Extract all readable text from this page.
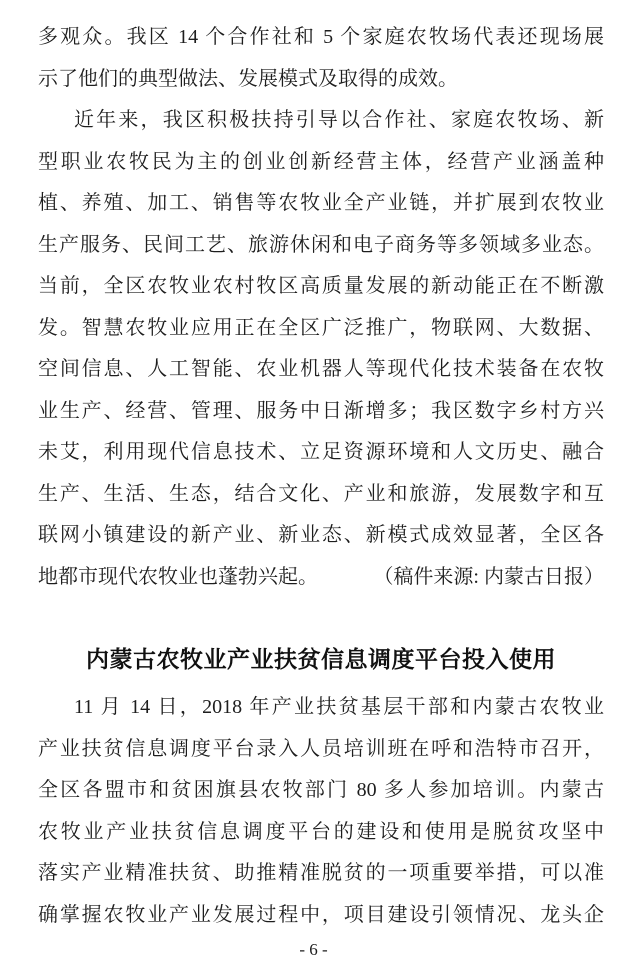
多观众。我区 14 个合作社和 5 个家庭农牧场代表还现场展
示了他们的典型做法、发展模式及取得的成效。
近年来，我区积极扶持引导以合作社、家庭农牧场、新
型职业农牧民为主的创业创新经营主体，经营产业涵盖种
植、养殖、加工、销售等农牧业全产业链，并扩展到农牧业
生产服务、民间工艺、旅游休闲和电子商务等多领域多业态。
当前，全区农牧业农村牧区高质量发展的新动能正在不断激
发。智慧农牧业应用正在全区广泛推广，物联网、大数据、
空间信息、人工智能、农业机器人等现代化技术装备在农牧
业生产、经营、管理、服务中日渐增多；我区数字乡村方兴
未艾，利用现代信息技术、立足资源环境和人文历史、融合
生产、生活、生态，结合文化、产业和旅游，发展数字和互
联网小镇建设的新产业、新业态、新模式成效显著，全区各
地都市现代农牧业也蓬勃兴起。	（稿件来源: 内蒙古日报）
内蒙古农牧业产业扶贫信息调度平台投入使用
11 月 14 日，2018 年产业扶贫基层干部和内蒙古农牧业
产业扶贫信息调度平台录入人员培训班在呼和浩特市召开，
全区各盟市和贫困旗县农牧部门 80 多人参加培训。内蒙古
农牧业产业扶贫信息调度平台的建设和使用是脱贫攻坚中
落实产业精准扶贫、助推精准脱贫的一项重要举措，可以准
确掌握农牧业产业发展过程中，项目建设引领情况、龙头企
- 6 -
